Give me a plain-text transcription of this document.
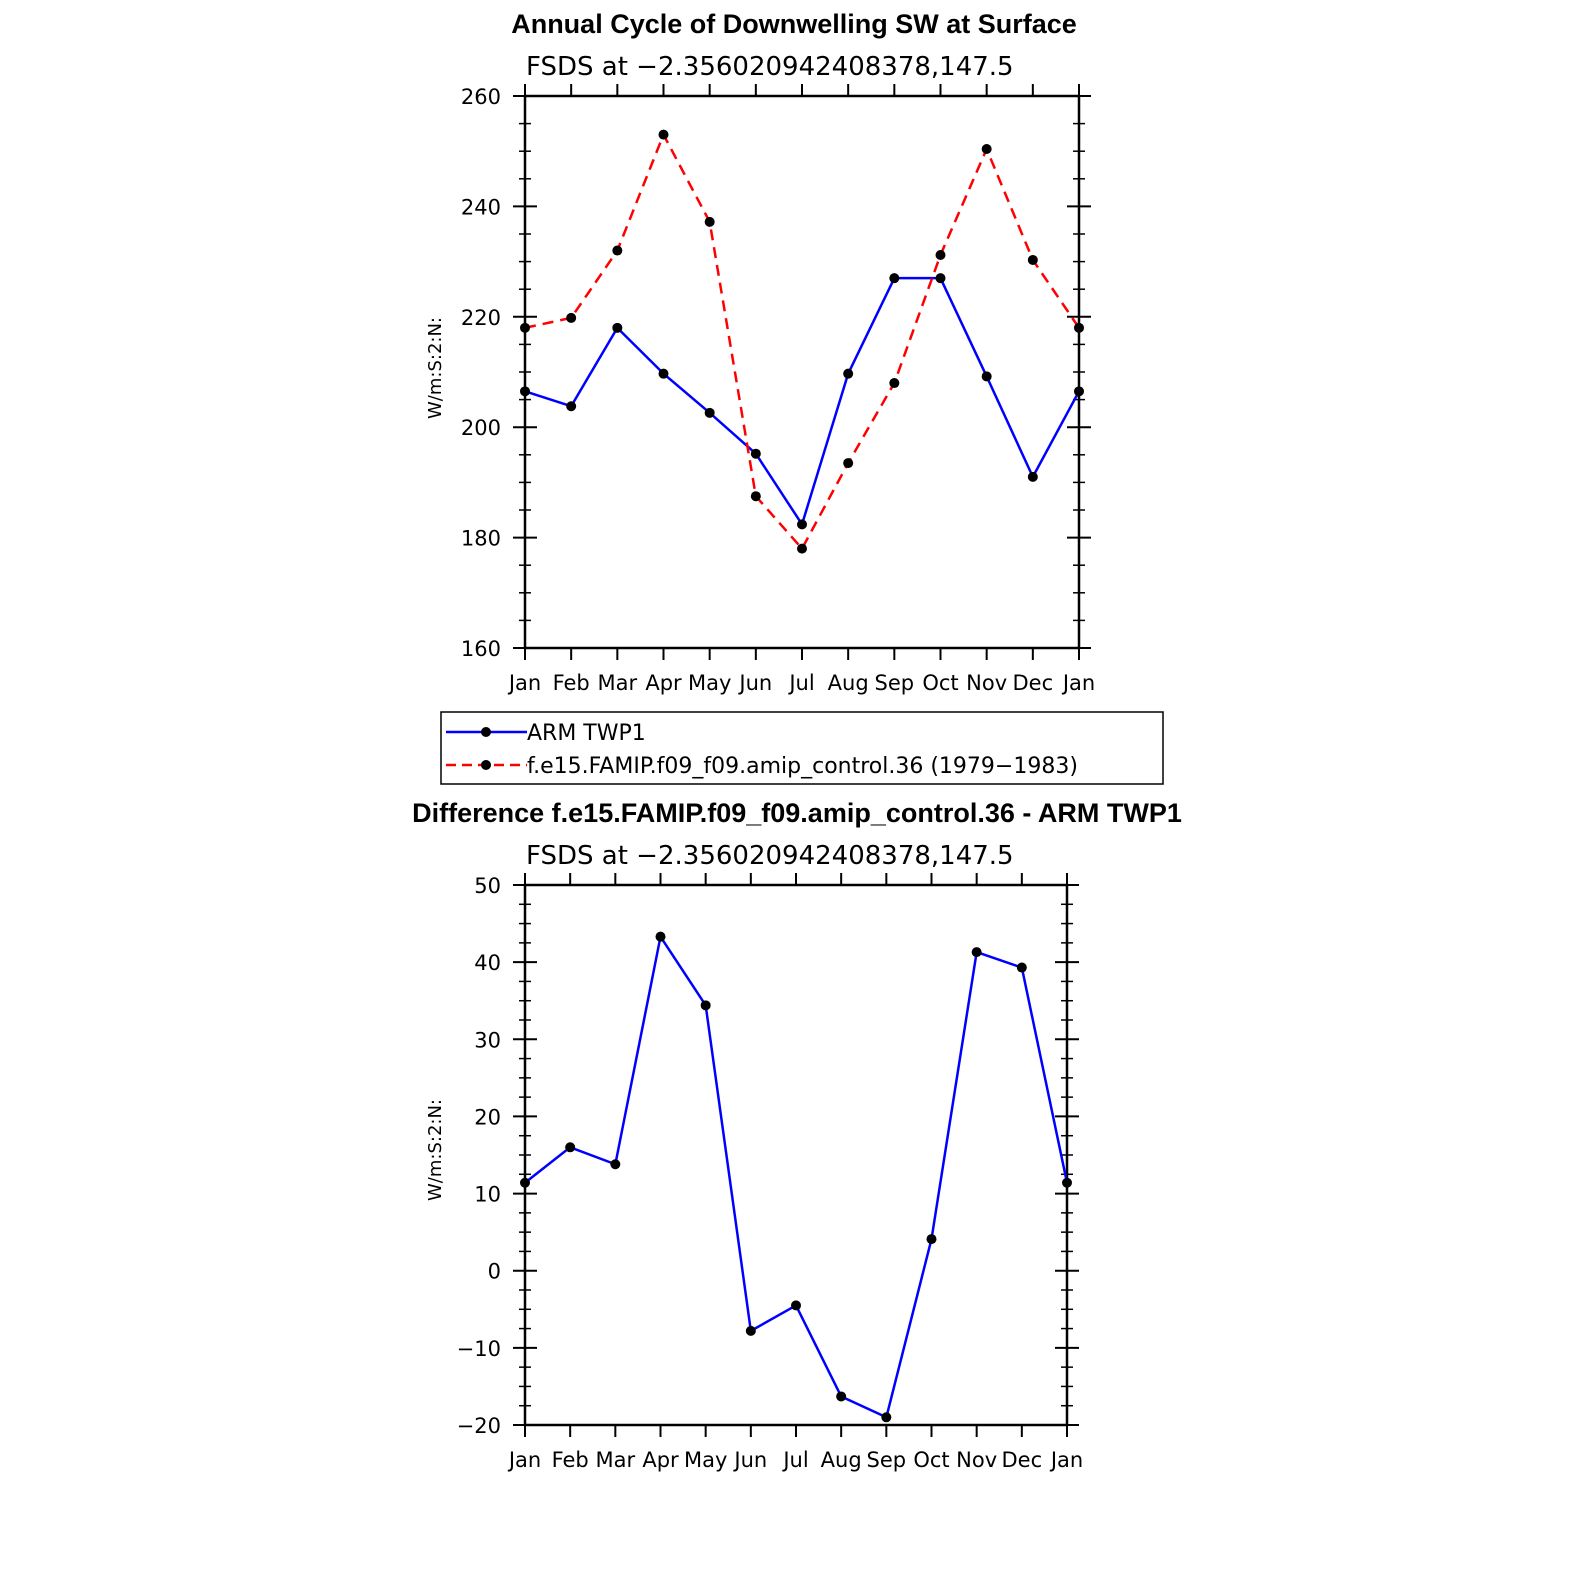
Annual Cycle of Downwelling SW at Surface
FSDS at −2.356020942408378,147.5
W/m:S:2:N:
Jan Feb Mar Apr May Jun Jul Aug Sep Oct Nov Dec Jan
160
180
200
220
240
260
ARM TWP1
f.e15.FAMIP.f09_f09.amip_control.36 (1979−1983)
Difference f.e15.FAMIP.f09_f09.amip_control.36 - ARM TWP1
FSDS at −2.356020942408378,147.5
W/m:S:2:N:
Jan Feb Mar Apr May Jun Jul Aug Sep Oct Nov Dec Jan
−20
−10
0
10
20
30
40
50
